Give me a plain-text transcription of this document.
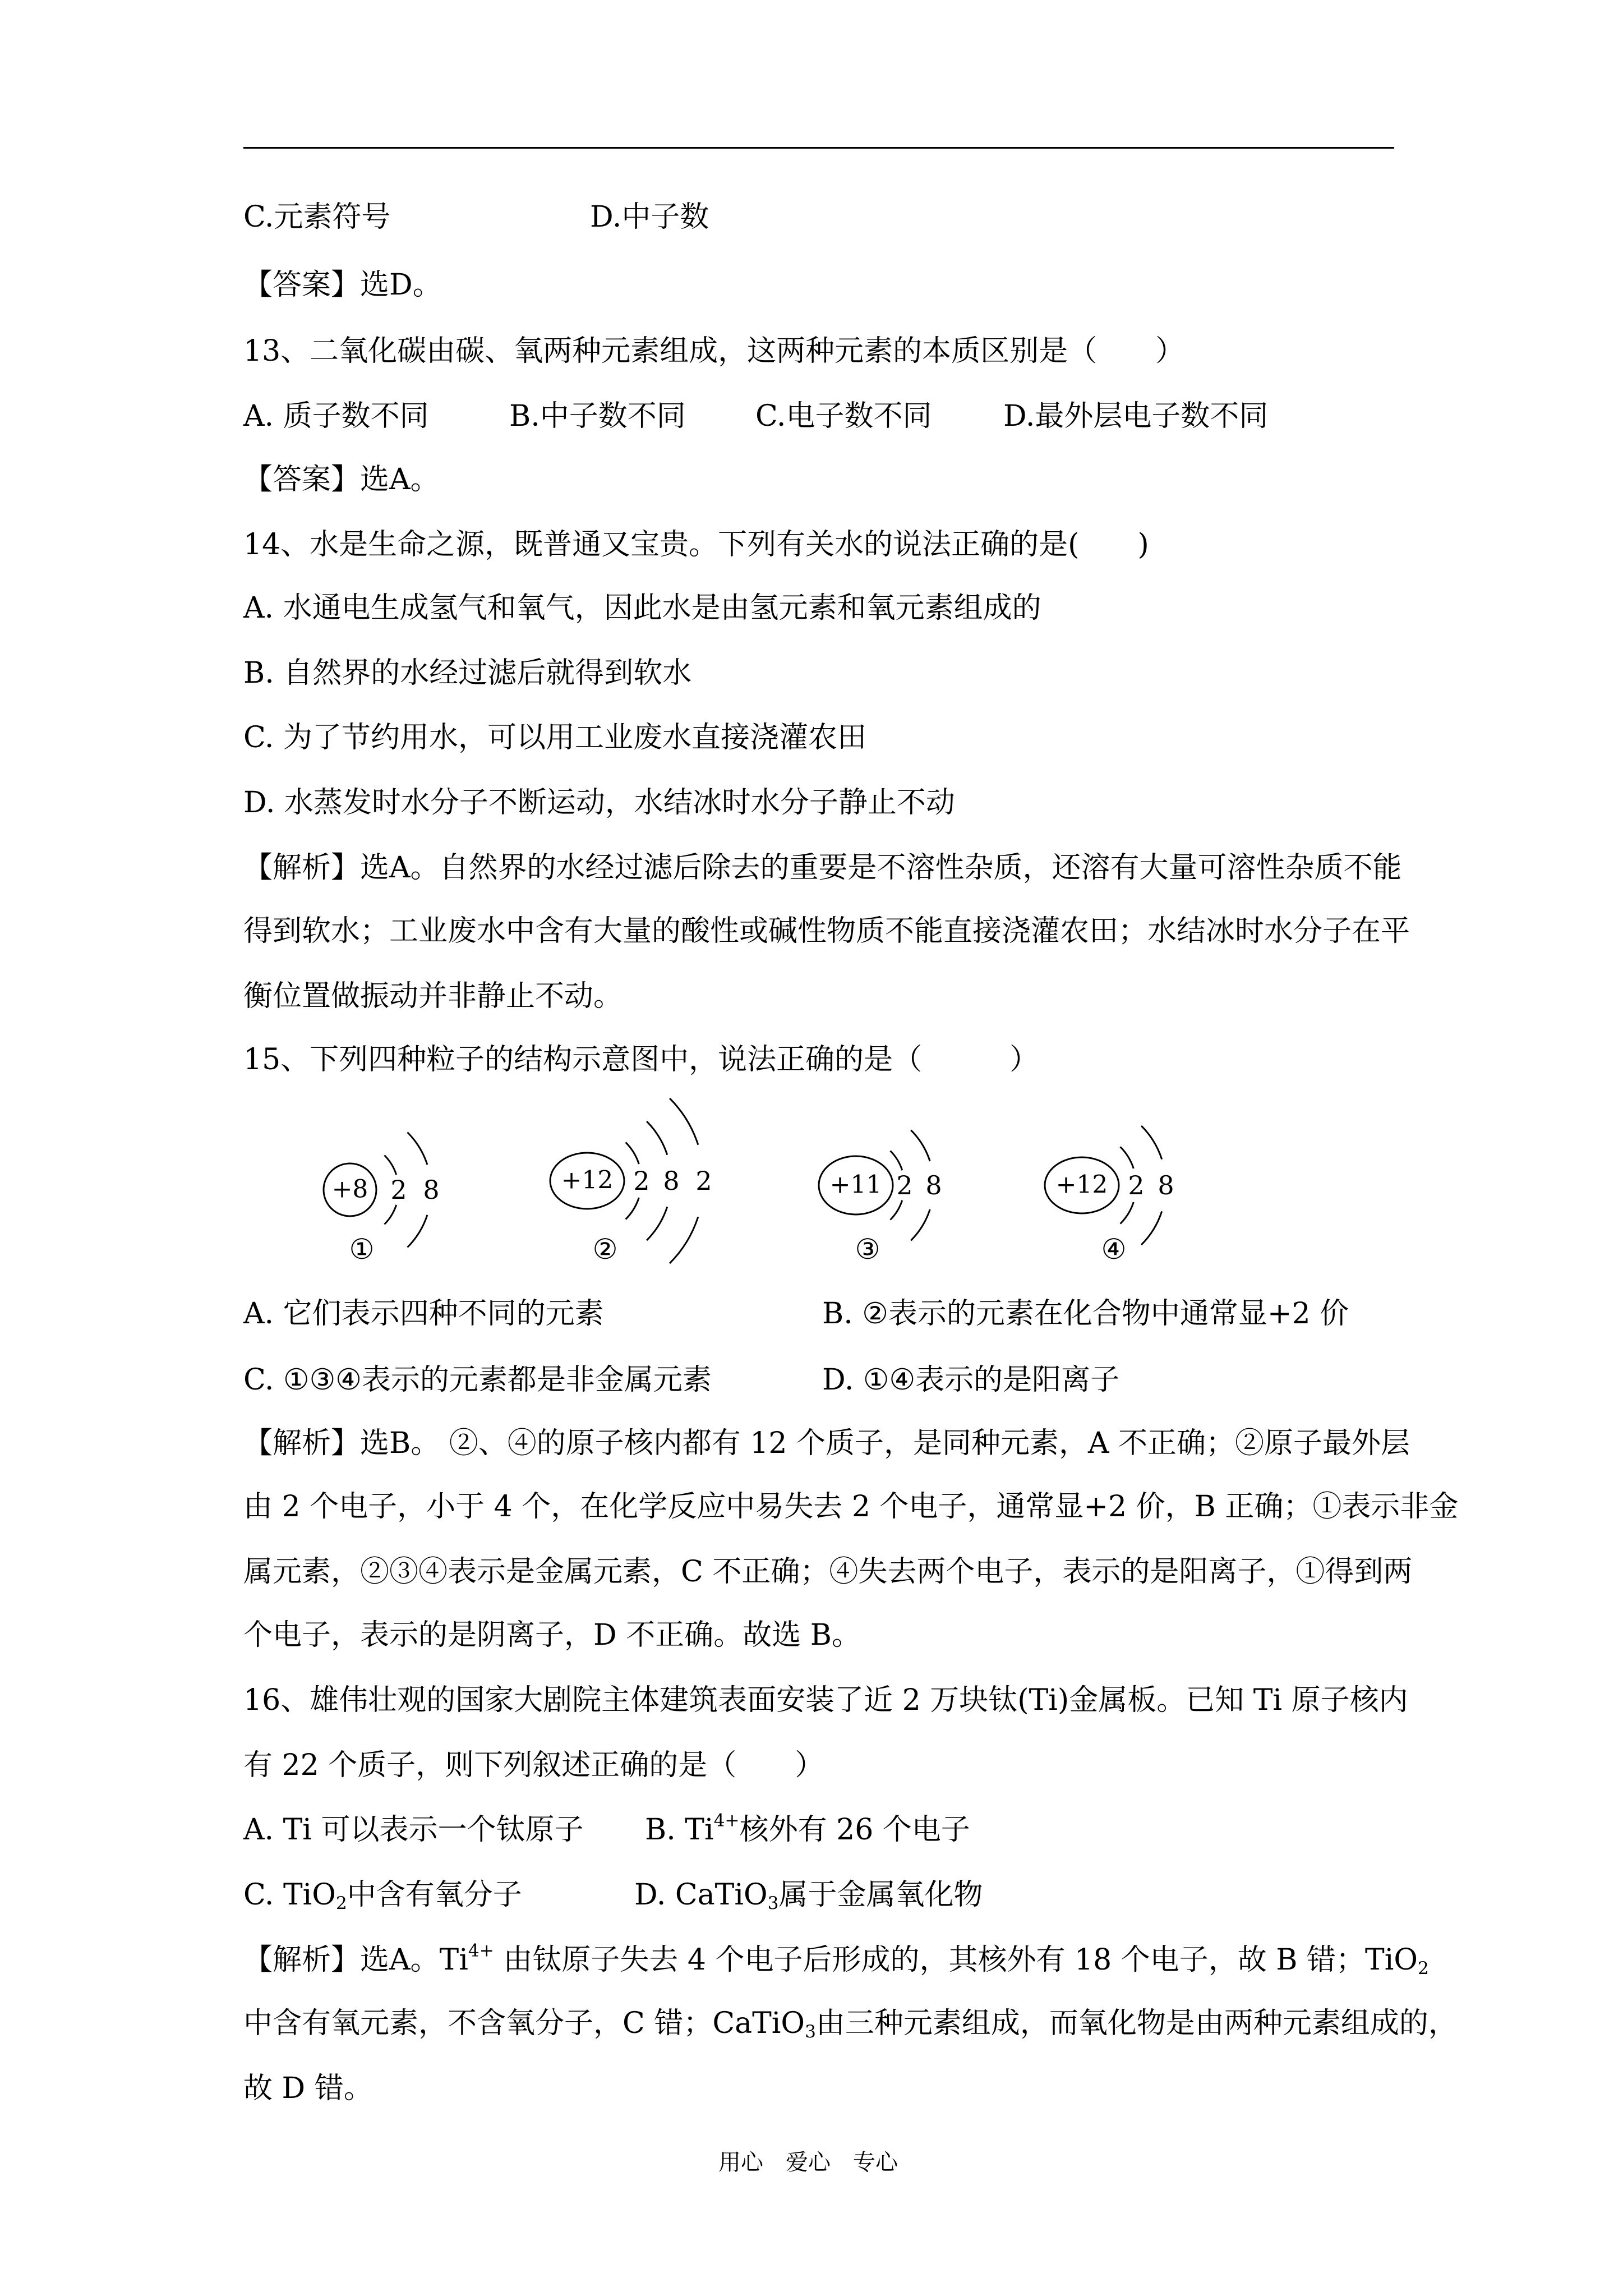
C.元素符号	D.中子数
【答案】选D。
13、二氧化碳由碳、氧两种元素组成，这两种元素的本质区别是（　　）
A. 质子数不同	B.中子数不同 C.电子数不同 D.最外层电子数不同
【答案】选A。
14、水是生命之源，既普通又宝贵。下列有关水的说法正确的是(　　)
A. 水通电生成氢气和氧气，因此水是由氢元素和氧元素组成的
B. 自然界的水经过滤后就得到软水
C. 为了节约用水，可以用工业废水直接浇灌农田
D. 水蒸发时水分子不断运动，水结冰时水分子静止不动
【解析】选A。自然界的水经过滤后除去的重要是不溶性杂质，还溶有大量可溶性杂质不能
得到软水；工业废水中含有大量的酸性或碱性物质不能直接浇灌农田；水结冰时水分子在平
衡位置做振动并非静止不动。
15、下列四种粒子的结构示意图中，说法正确的是（　　　）
+8 2 8
①
+12 2 8 2
②
+11 2 8
③
+12 2 8
④
A. 它们表示四种不同的元素	B. ②表示的元素在化合物中通常显+2 价
C. ①③④表示的元素都是非金属元素	D. ①④表示的是阳离子
【解析】选B。 ②、④的原子核内都有 12 个质子，是同种元素，A 不正确；②原子最外层
由 2 个电子，小于 4 个，在化学反应中易失去 2 个电子，通常显+2 价，B 正确；①表示非金
属元素，②③④表示是金属元素，C 不正确；④失去两个电子，表示的是阳离子，①得到两
个电子，表示的是阴离子，D 不正确。故选 B。
16、雄伟壮观的国家大剧院主体建筑表面安装了近 2 万块钛(Ti)金属板。已知 Ti 原子核内
有 22 个质子，则下列叙述正确的是（　　）
A. Ti 可以表示一个钛原子 B. $Ti^{4+}$核外有 26 个电子
C. TiO$_2$中含有氧分子	D. CaTiO$_3$属于金属氧化物
【解析】选A。$Ti^{4+}$ 由钛原子失去 4 个电子后形成的，其核外有 18 个电子，故 B 错；TiO$_2$
中含有氧元素，不含氧分子，C 错；CaTiO$_3$由三种元素组成，而氧化物是由两种元素组成的，
故 D 错。
用心　爱心　专心
